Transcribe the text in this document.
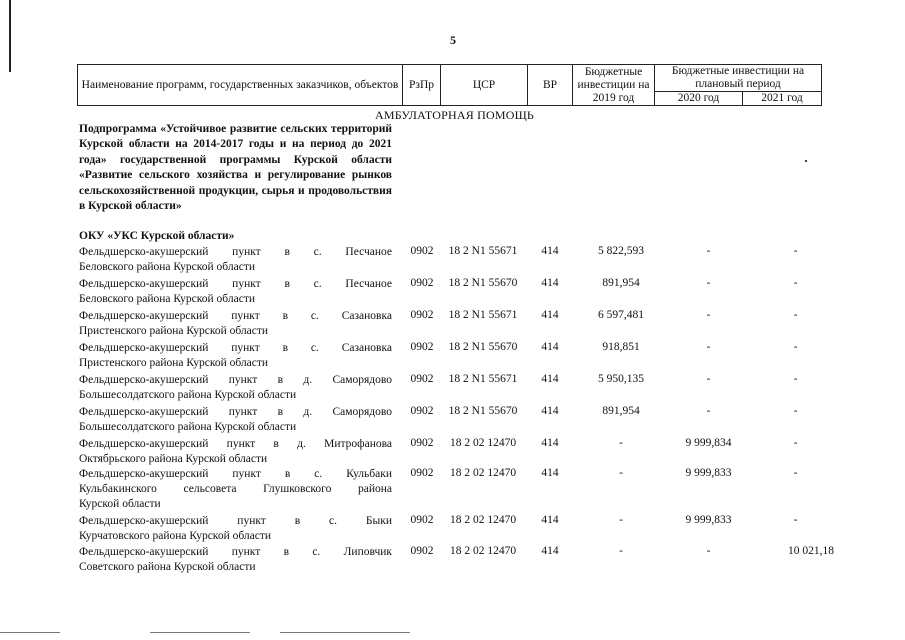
5
Наименование программ, государственных заказчиков, объектов	РзПр	ЦСР	ВР	Бюджетные инвестиции на 2019 год	Бюджетные инвестиции на плановый период	
					2020 год	2021 год
АМБУЛАТОРНАЯ ПОМОЩЬ
Подпрограмма «Устойчивое развитие сельских территорий Курской области на 2014-2017 годы и на период до 2021 года» государственной программы Курской области «Развитие сельского хозяйства и регулирование рынков сельскохозяйственной продукции, сырья и продовольствия в Курской области»
ОКУ «УКС Курской области»
Фельдшерско-акушерский пункт в с. Песчаное
Беловского района Курской области
0902	18 2 N1 55671	414	5 822,593	-	-
Фельдшерско-акушерский пункт в с. Песчаное
Беловского района Курской области
0902	18 2 N1 55670	414	891,954	-	-
Фельдшерско-акушерский пункт в с. Сазановка
Пристенского района Курской области
0902	18 2 N1 55671	414	6 597,481	-	-
Фельдшерско-акушерский пункт в с. Сазановка
Пристенского района Курской области
0902	18 2 N1 55670	414	918,851	-	-
Фельдшерско-акушерский пункт в д. Саморядово
Большесолдатского района Курской области
0902	18 2 N1 55671	414	5 950,135	-	-
Фельдшерско-акушерский пункт в д. Саморядово
Большесолдатского района Курской области
0902	18 2 N1 55670	414	891,954	-	-
Фельдшерско-акушерский пункт в д. Митрофанова
Октябрьского района Курской области
0902	18 2 02 12470	414	-	9 999,834	-
Фельдшерско-акушерский пункт в с. Кульбаки
Кульбакинского сельсовета Глушковского района
Курской области
0902	18 2 02 12470	414	-	9 999,833	-
Фельдшерско-акушерский пункт в с. Быки
Курчатовского района Курской области
0902	18 2 02 12470	414	-	9 999,833	-
Фельдшерско-акушерский пункт в с. Липовчик
Советского района Курской области
0902	18 2 02 12470	414	-	-	10 021,18
